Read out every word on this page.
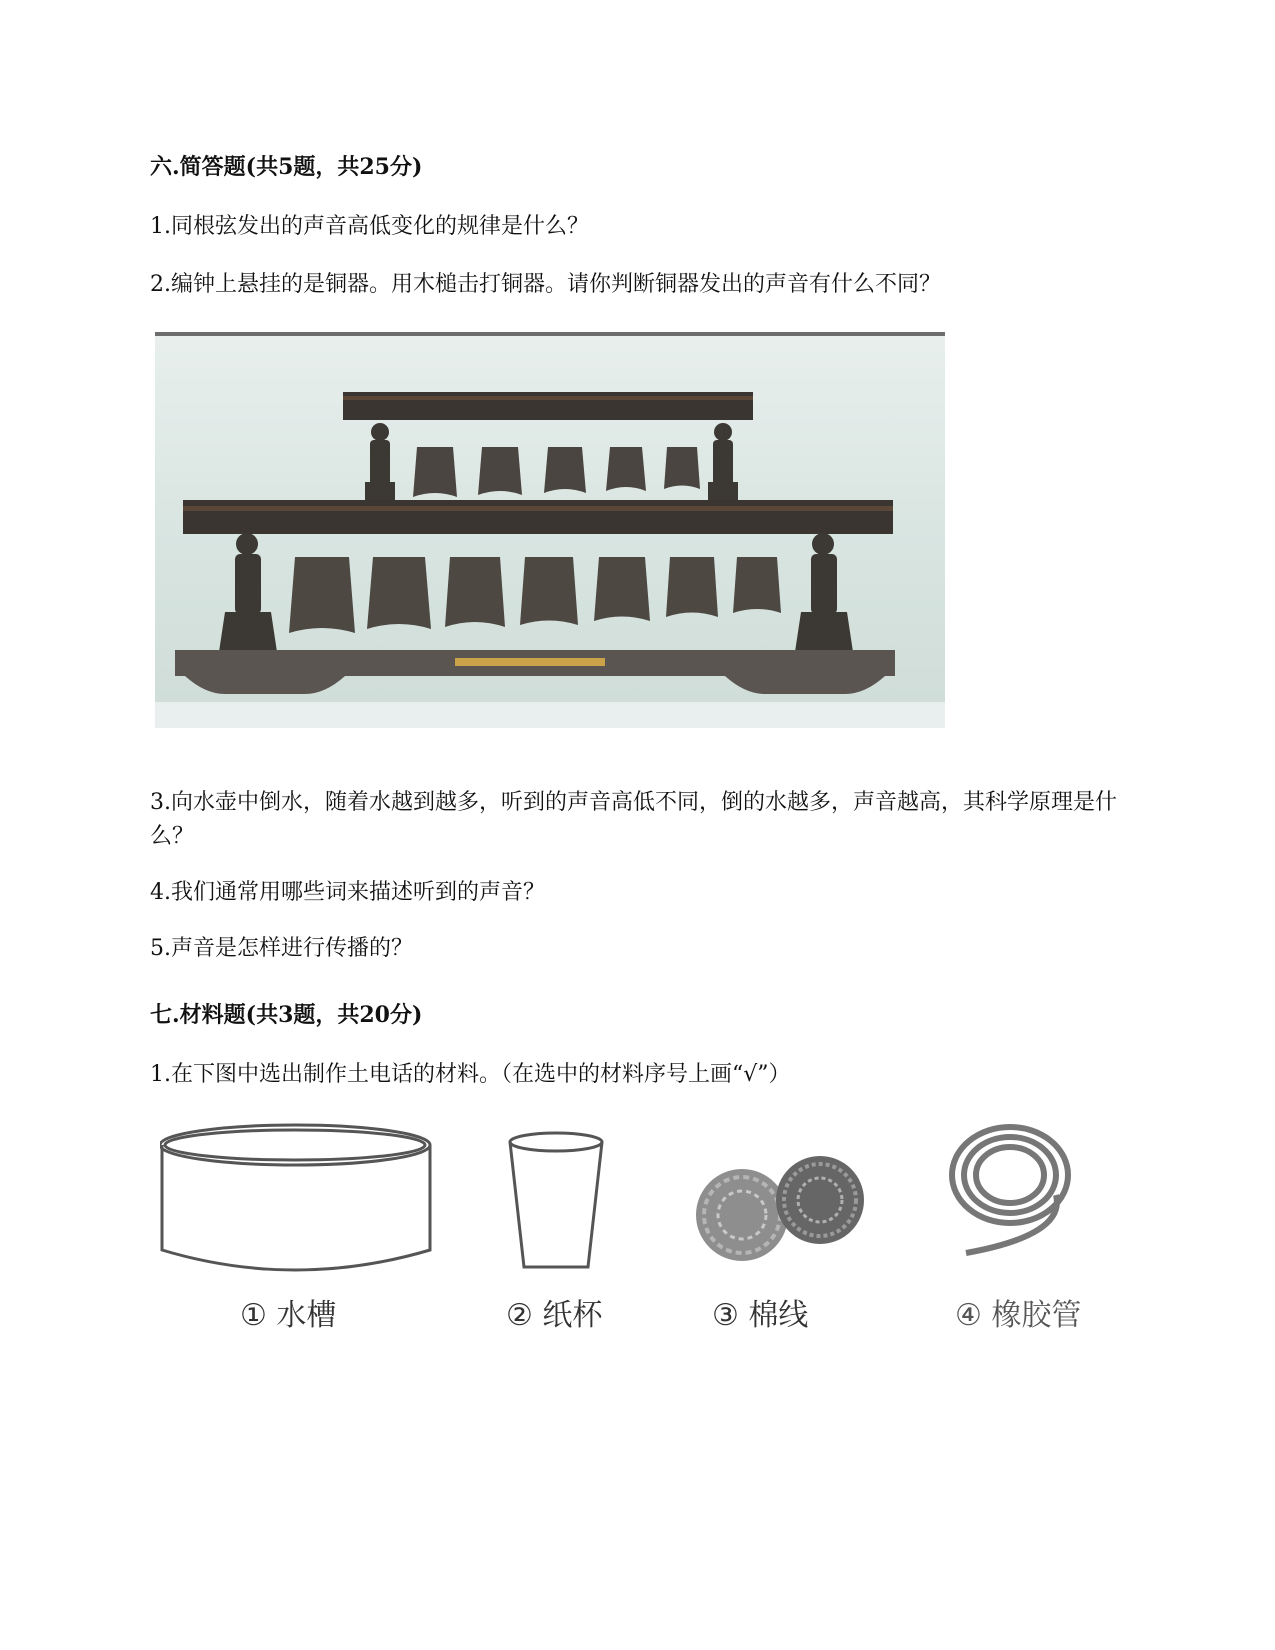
六.简答题(共5题，共25分)
1.同根弦发出的声音高低变化的规律是什么？
2.编钟上悬挂的是铜器。用木槌击打铜器。请你判断铜器发出的声音有什么不同？
3.向水壶中倒水，随着水越到越多，听到的声音高低不同，倒的水越多，声音越高，其科学原理是什么？
4.我们通常用哪些词来描述听到的声音？
5.声音是怎样进行传播的？
七.材料题(共3题，共20分)
1.在下图中选出制作土电话的材料。（在选中的材料序号上画“√”）
① 水槽	② 纸杯	③ 棉线	④ 橡胶管
